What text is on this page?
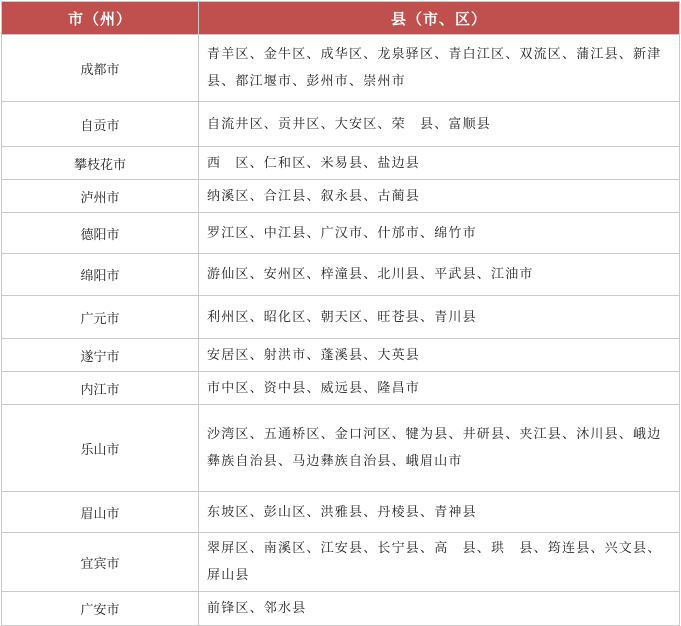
市（州）	县（市、区）
成都市	青羊区、金牛区、成华区、龙泉驿区、青白江区、双流区、蒲江县、新津县、都江堰市、彭州市、崇州市
自贡市	自流井区、贡井区、大安区、荣　县、富顺县
攀枝花市	西　区、仁和区、米易县、盐边县
泸州市	纳溪区、合江县、叙永县、古蔺县
德阳市	罗江区、中江县、广汉市、什邡市、绵竹市
绵阳市	游仙区、安州区、梓潼县、北川县、平武县、江油市
广元市	利州区、昭化区、朝天区、旺苍县、青川县
遂宁市	安居区、射洪市、蓬溪县、大英县
内江市	市中区、资中县、威远县、隆昌市
乐山市	沙湾区、五通桥区、金口河区、犍为县、井研县、夹江县、沐川县、峨边彝族自治县、马边彝族自治县、峨眉山市
眉山市	东坡区、彭山区、洪雅县、丹棱县、青神县
宜宾市	翠屏区、南溪区、江安县、长宁县、高　县、珙　县、筠连县、兴文县、屏山县
广安市	前锋区、邻水县
